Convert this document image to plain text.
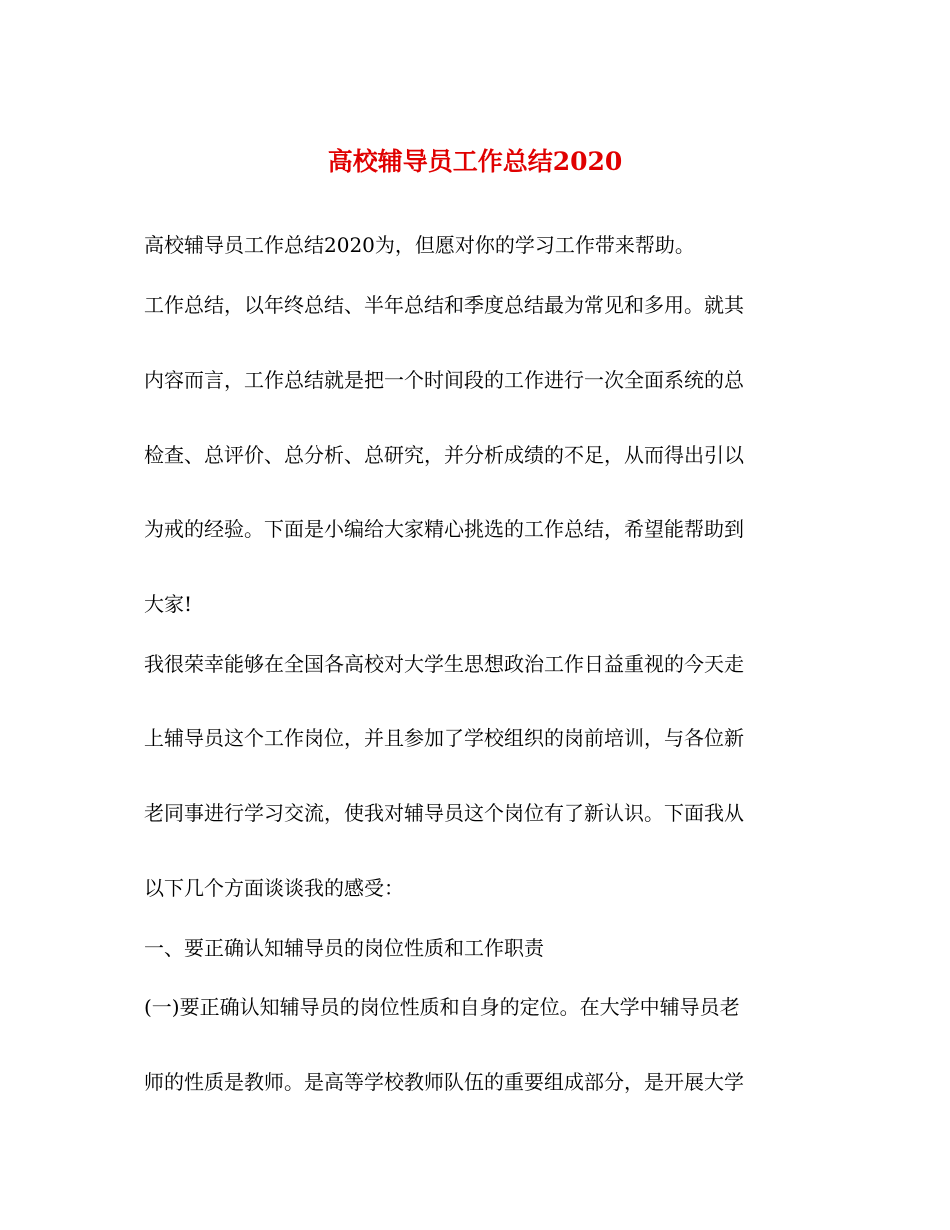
高校辅导员工作总结2020
高校辅导员工作总结2020为，但愿对你的学习工作带来帮助。
工作总结，以年终总结、半年总结和季度总结最为常见和多用。就其
内容而言，工作总结就是把一个时间段的工作进行一次全面系统的总
检查、总评价、总分析、总研究，并分析成绩的不足，从而得出引以
为戒的经验。下面是小编给大家精心挑选的工作总结，希望能帮助到
大家!
我很荣幸能够在全国各高校对大学生思想政治工作日益重视的今天走
上辅导员这个工作岗位，并且参加了学校组织的岗前培训，与各位新
老同事进行学习交流，使我对辅导员这个岗位有了新认识。下面我从
以下几个方面谈谈我的感受：
一、要正确认知辅导员的岗位性质和工作职责
(一)要正确认知辅导员的岗位性质和自身的定位。在大学中辅导员老
师的性质是教师。是高等学校教师队伍的重要组成部分，是开展大学
